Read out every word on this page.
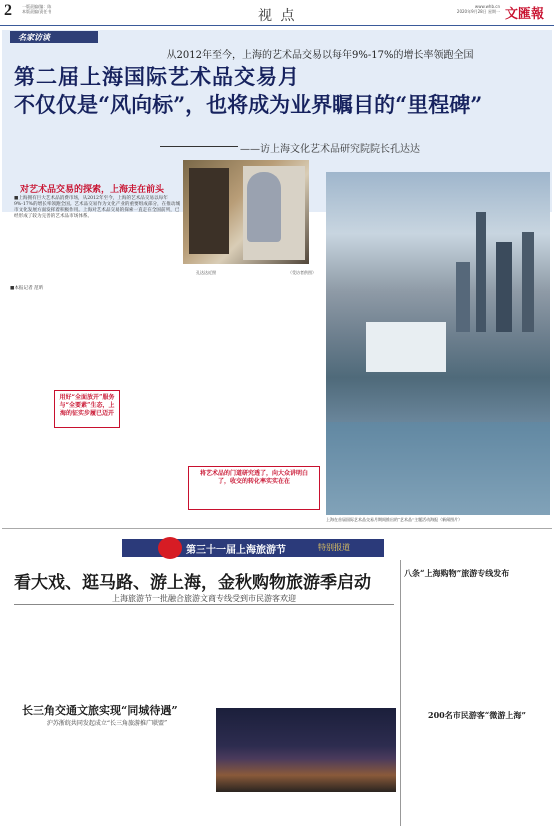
2	一版责编/编：陈
本版责编/责任书	视 点
www.whb.cn
2020年9月28日 星期一 文匯報
名家访谈
从2012年至今，上海的艺术品交易以每年9%-17%的增长率领跑全国
第二届上海国际艺术品交易月
不仅仅是“风向标”，也将成为业界瞩目的“里程碑”
——访上海文化艺术品研究院院长孔达达
对艺术品交易的探索，上海走在前头
■上海拥有巨大艺术品消费市场，从2012年至今，上海的艺术品交易以每年9%-17%的增长率领跑全国。艺术品交易作为文化产业的重要组成部分，在推动城市文化发展方面发挥着积极作用。上海对艺术品交易的探索一直走在全国前列，已经形成了较为完善的艺术品市场体系。
孔达达近照	（受访者供图）
上海在首届国际艺术品交易月期间推出的“艺术品”主题活动海报（新闻图片）
■本报记者 范昕
用好“全面放开”服务与“全要素”生态，上海的征实步履已迈开
将艺术品的门道研究透了，向大众讲明白了，收交的转化率实实在在
第三十一届上海旅游节	特别报道
看大戏、逛马路、游上海，金秋购物旅游季启动
上海旅游节一批融合旅游文商专线受到市民游客欢迎
长三角交通文旅实现“同城待遇”
沪苏浙皖共同发起成立“长三角旅游推广联盟”
八条“上海购物”旅游专线发布
200名市民游客“微游上海”
